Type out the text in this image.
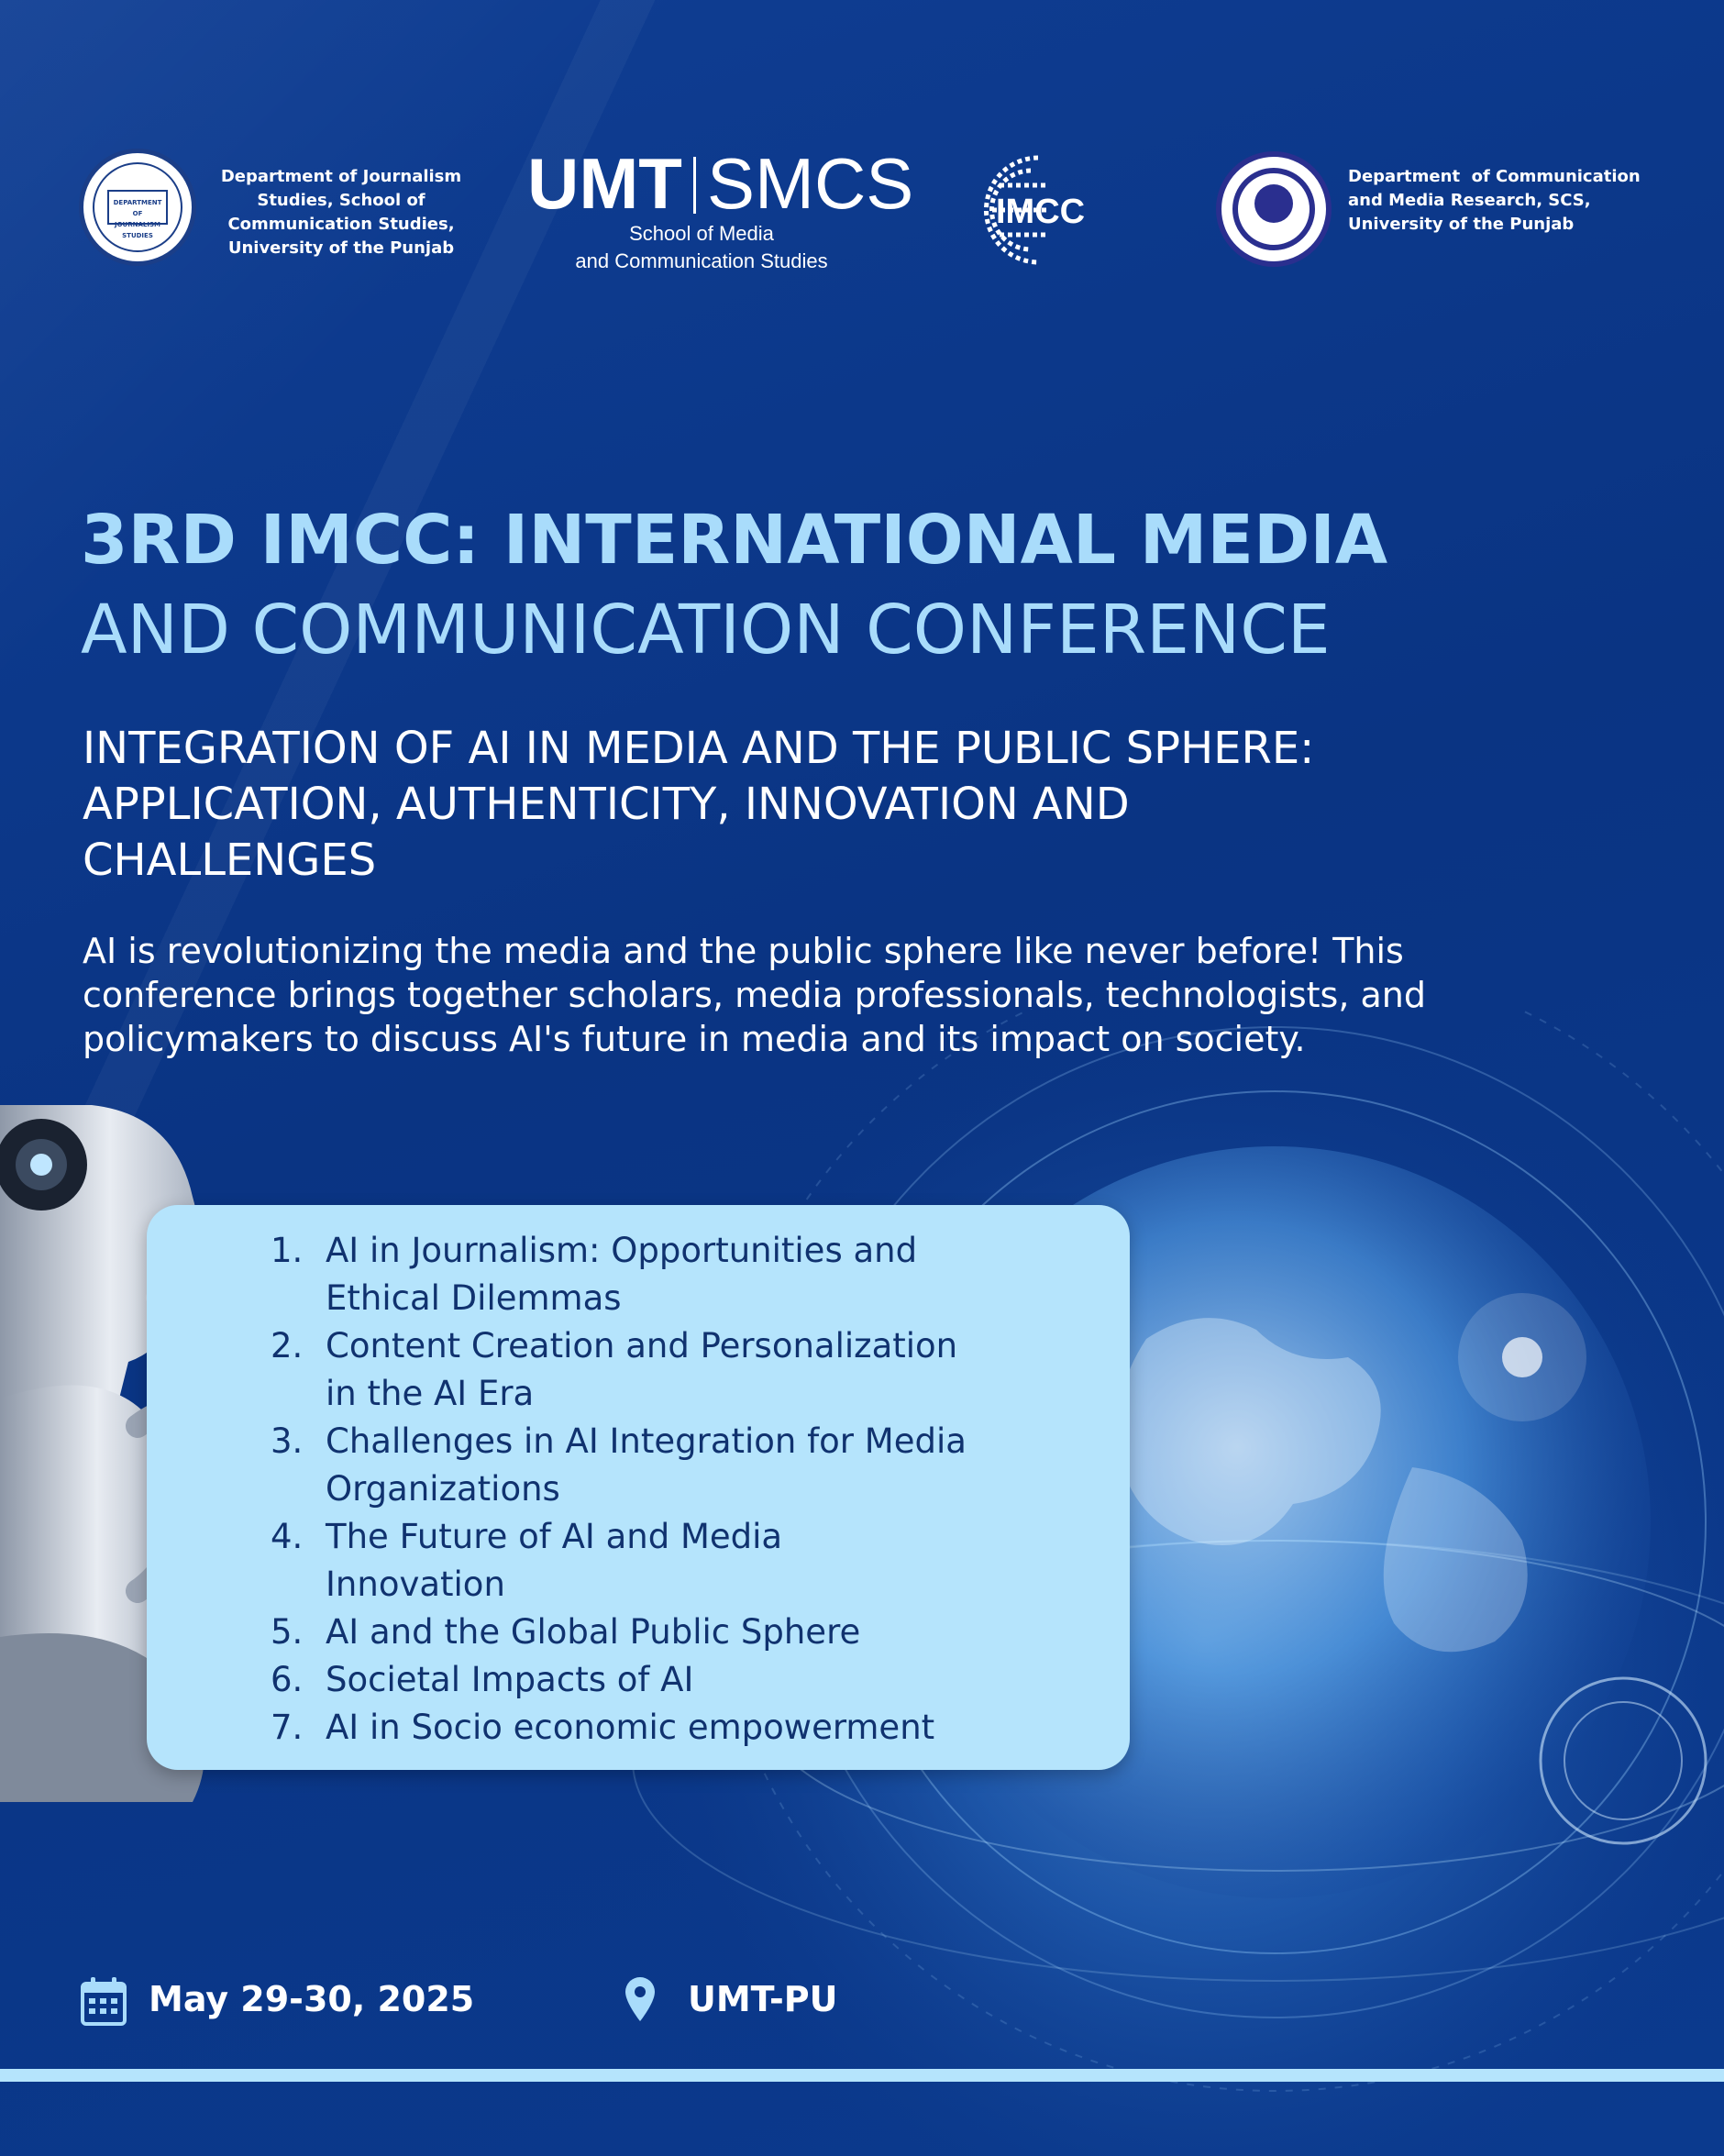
DEPARTMENT OF
JOURNALISM STUDIES
Department of Journalism
Studies, School of
Communication Studies,
University of the Punjab
UMT SMCS
School of Media
and Communication Studies
IMCC
Department  of Communication
and Media Research, SCS,
University of the Punjab
3RD IMCC: INTERNATIONAL MEDIA
AND COMMUNICATION CONFERENCE
INTEGRATION OF AI IN MEDIA AND THE PUBLIC SPHERE:
APPLICATION, AUTHENTICITY, INNOVATION AND
CHALLENGES
AI is revolutionizing the media and the public sphere like never before! This
conference brings together scholars, media professionals, technologists, and
policymakers to discuss AI's future in media and its impact on society.
1. AI in Journalism: Opportunities and
Ethical Dilemmas
2. Content Creation and Personalization
in the AI Era
3. Challenges in AI Integration for Media
Organizations
4. The Future of AI and Media
Innovation
5. AI and the Global Public Sphere
6. Societal Impacts of AI
7. AI in Socio economic empowerment
May 29-30, 2025	UMT-PU
